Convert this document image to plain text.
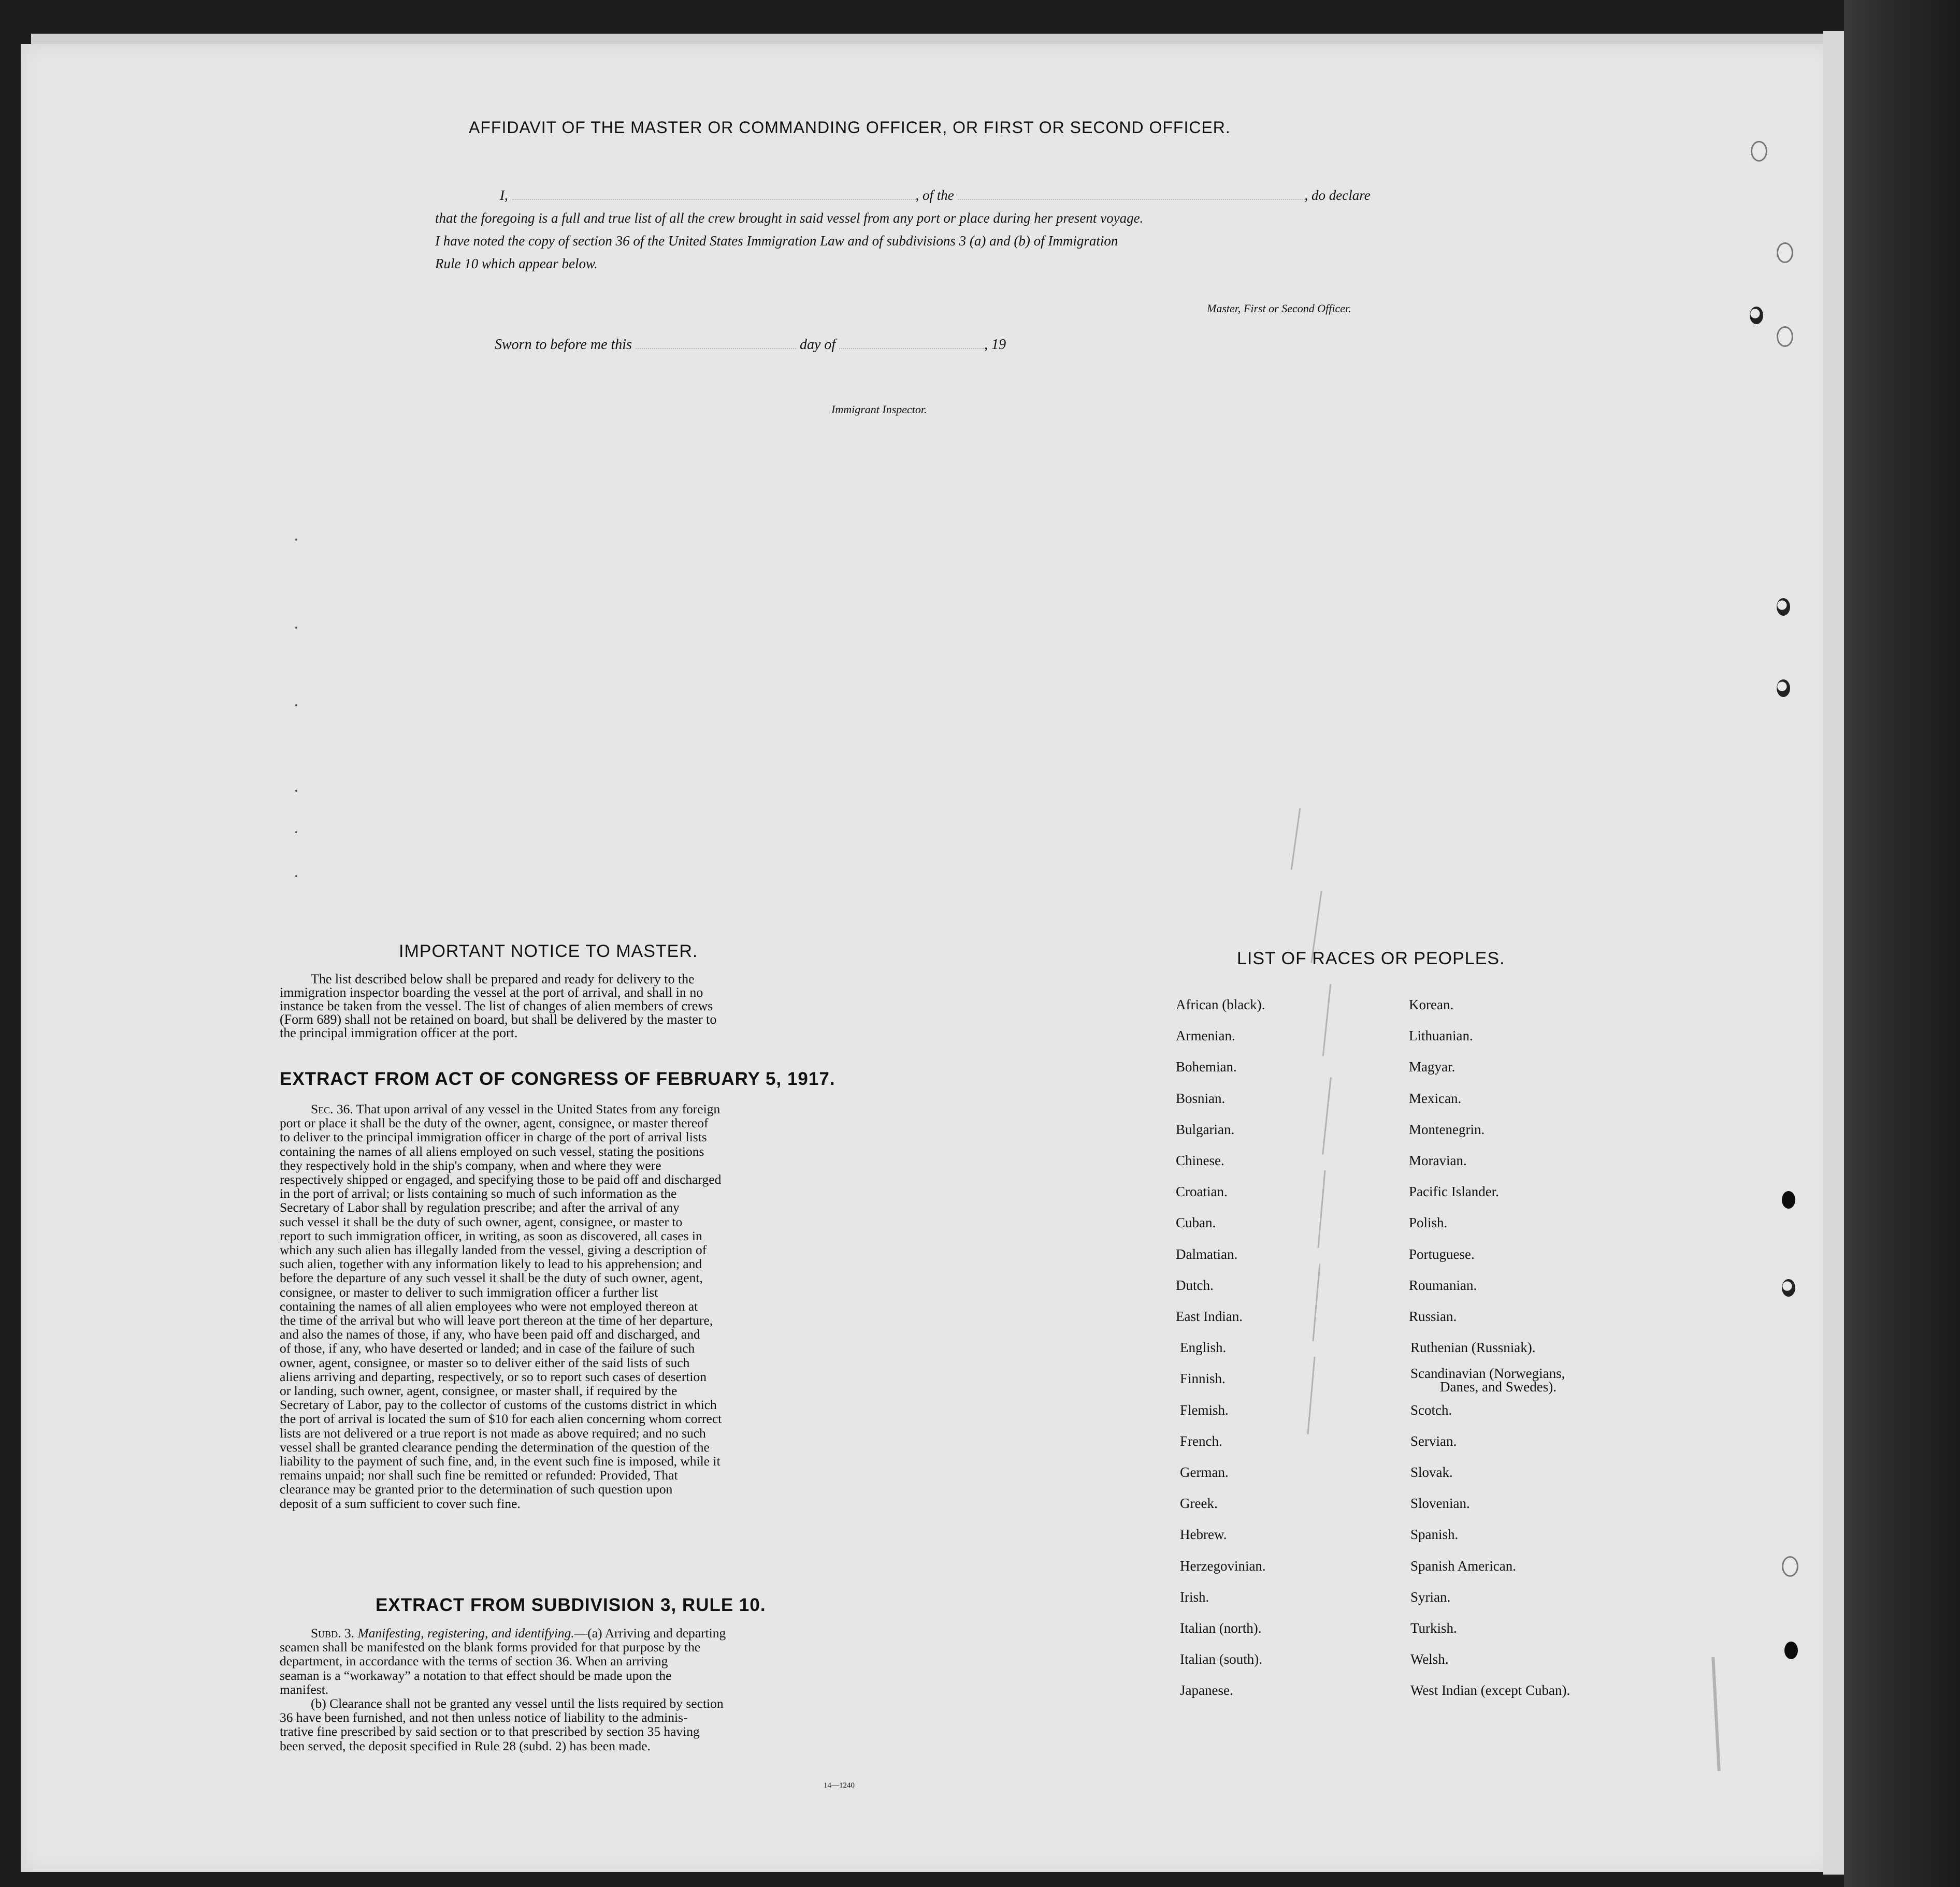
AFFIDAVIT OF THE MASTER OR COMMANDING OFFICER, OR FIRST OR SECOND OFFICER.
I,	, of the	, do declare
that the foregoing is a full and true list of all the crew brought in said vessel from any port or place during her present voyage.
I have noted the copy of section 36 of the United States Immigration Law and of subdivisions 3 (a) and (b) of Immigration
Rule 10 which appear below.
Master, First or Second Officer.
Sworn to before me this	day of	, 19
Immigrant Inspector.
IMPORTANT NOTICE TO MASTER.
The list described below shall be prepared and ready for delivery to the
immigration inspector boarding the vessel at the port of arrival, and shall in no
instance be taken from the vessel. The list of changes of alien members of crews
(Form 689) shall not be retained on board, but shall be delivered by the master to
the principal immigration officer at the port.
EXTRACT FROM ACT OF CONGRESS OF FEBRUARY 5, 1917.
Sec. 36. That upon arrival of any vessel in the United States from any foreign
port or place it shall be the duty of the owner, agent, consignee, or master thereof
to deliver to the principal immigration officer in charge of the port of arrival lists
containing the names of all aliens employed on such vessel, stating the positions
they respectively hold in the ship's company, when and where they were
respectively shipped or engaged, and specifying those to be paid off and discharged
in the port of arrival; or lists containing so much of such information as the
Secretary of Labor shall by regulation prescribe; and after the arrival of any
such vessel it shall be the duty of such owner, agent, consignee, or master to
report to such immigration officer, in writing, as soon as discovered, all cases in
which any such alien has illegally landed from the vessel, giving a description of
such alien, together with any information likely to lead to his apprehension; and
before the departure of any such vessel it shall be the duty of such owner, agent,
consignee, or master to deliver to such immigration officer a further list
containing the names of all alien employees who were not employed thereon at
the time of the arrival but who will leave port thereon at the time of her departure,
and also the names of those, if any, who have been paid off and discharged, and
of those, if any, who have deserted or landed; and in case of the failure of such
owner, agent, consignee, or master so to deliver either of the said lists of such
aliens arriving and departing, respectively, or so to report such cases of desertion
or landing, such owner, agent, consignee, or master shall, if required by the
Secretary of Labor, pay to the collector of customs of the customs district in which
the port of arrival is located the sum of $10 for each alien concerning whom correct
lists are not delivered or a true report is not made as above required; and no such
vessel shall be granted clearance pending the determination of the question of the
liability to the payment of such fine, and, in the event such fine is imposed, while it
remains unpaid; nor shall such fine be remitted or refunded: Provided, That
clearance may be granted prior to the determination of such question upon
deposit of a sum sufficient to cover such fine.
EXTRACT FROM SUBDIVISION 3, RULE 10.
Subd. 3. Manifesting, registering, and identifying.—(a) Arriving and departing
seamen shall be manifested on the blank forms provided for that purpose by the
department, in accordance with the terms of section 36. When an arriving
seaman is a “workaway” a notation to that effect should be made upon the
manifest.
(b) Clearance shall not be granted any vessel until the lists required by section
36 have been furnished, and not then unless notice of liability to the adminis-
trative fine prescribed by said section or to that prescribed by section 35 having
been served, the deposit specified in Rule 28 (subd. 2) has been made.
14—1240
LIST OF RACES OR PEOPLES.
African (black).
Armenian.
Bohemian.
Bosnian.
Bulgarian.
Chinese.
Croatian.
Cuban.
Dalmatian.
Dutch.
East Indian.
English.
Finnish.
Flemish.
French.
German.
Greek.
Hebrew.
Herzegovinian.
Irish.
Italian (north).
Italian (south).
Japanese.
Korean.
Lithuanian.
Magyar.
Mexican.
Montenegrin.
Moravian.
Pacific Islander.
Polish.
Portuguese.
Roumanian.
Russian.
Ruthenian (Russniak).
Scandinavian (Norwegians,
Danes, and Swedes).
Scotch.
Servian.
Slovak.
Slovenian.
Spanish.
Spanish American.
Syrian.
Turkish.
Welsh.
West Indian (except Cuban).
